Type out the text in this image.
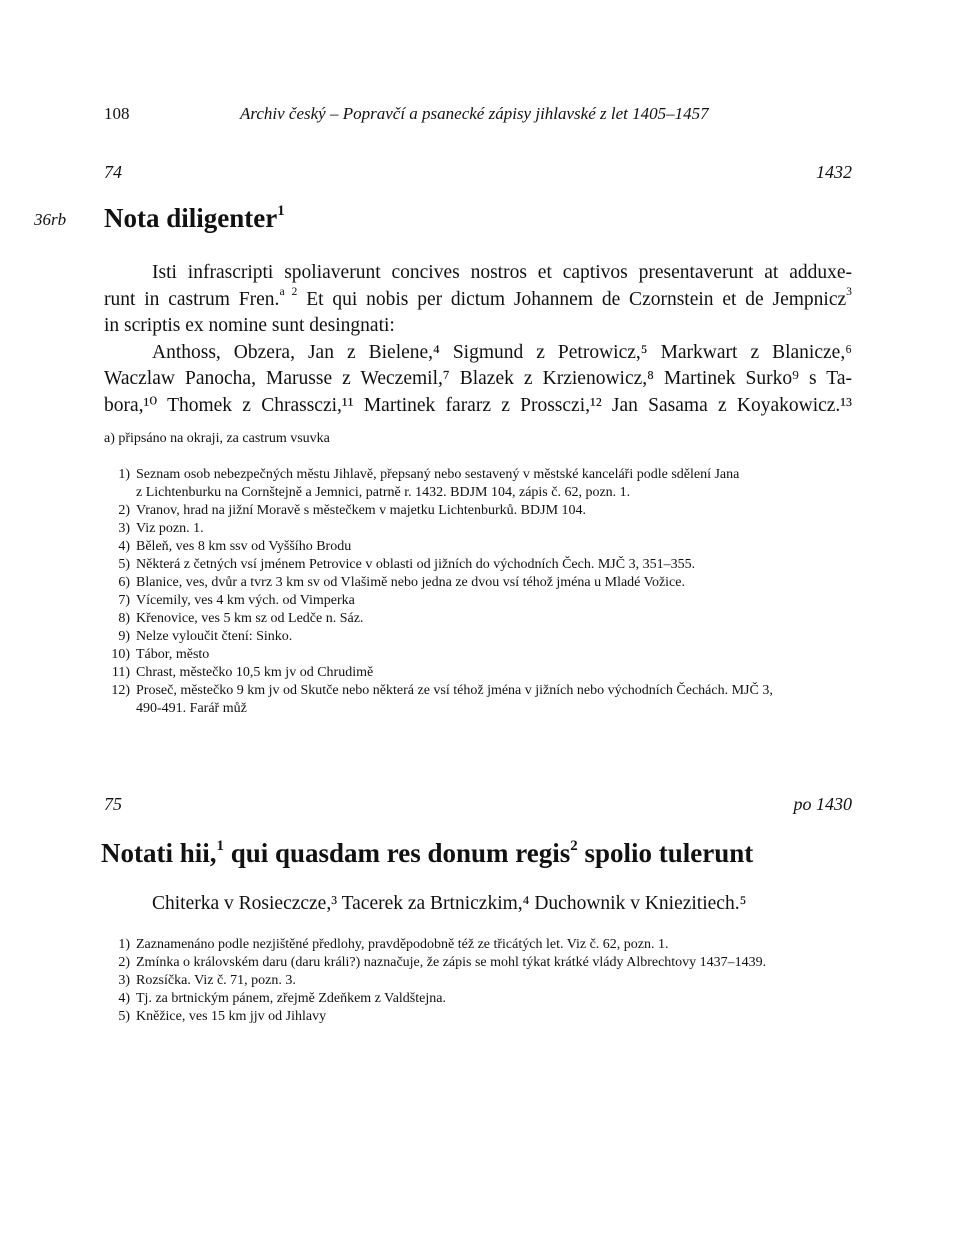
108	Archiv český – Popravčí a psanecké zápisy jihlavské z let 1405–1457
74	1432
36rb Nota diligenter$^1$
Isti infrascripti spoliaverunt concives nostros et captivos presentaverunt at adduxe-
runt in castrum Fren.$^{a 2}$ Et qui nobis per dictum Johannem de Czornstein et de Jempnicz$^3$
in scriptis ex nomine sunt desingnati:
Anthoss, Obzera, Jan z Bielene,⁴ Sigmund z Petrowicz,⁵ Markwart z Blanicze,⁶
Waczlaw Panocha, Marusse z Weczemil,⁷ Blazek z Krzienowicz,⁸ Martinek Surko⁹ s Ta-
bora,¹⁰ Thomek z Chrassczi,¹¹ Martinek fararz z Prossczi,¹² Jan Sasama z Koyakowicz.¹³
a) připsáno na okraji, za castrum vsuvka
1) Seznam osob nebezpečných městu Jihlavě, přepsaný nebo sestavený v městské kanceláři podle sdělení Jana
z Lichtenburku na Cornštejně a Jemnici, patrně r. 1432. BDJM 104, zápis č. 62, pozn. 1.
2) Vranov, hrad na jižní Moravě s městečkem v majetku Lichtenburků. BDJM 104.
3) Viz pozn. 1.
4) Běleň, ves 8 km ssv od Vyššího Brodu
5) Některá z četných vsí jménem Petrovice v oblasti od jižních do východních Čech. MJČ 3, 351–355.
6) Blanice, ves, dvůr a tvrz 3 km sv od Vlašimě nebo jedna ze dvou vsí téhož jména u Mladé Vožice.
7) Vícemily, ves 4 km vých. od Vimperka
8) Křenovice, ves 5 km sz od Ledče n. Sáz.
9) Nelze vyloučit čtení: Sinko.
10) Tábor, město
11) Chrast, městečko 10,5 km jv od Chrudimě
12) Proseč, městečko 9 km jv od Skutče nebo některá ze vsí téhož jména v jižních nebo východních Čechách. MJČ 3,
490-491. Farář můž
75	po 1430
Notati hii,$^1$ qui quasdam res donum regis$^2$ spolio tulerunt
Chiterka v Rosieczcze,³ Tacerek za Brtniczkim,⁴ Duchownik v Kniezitiech.⁵
1) Zaznamenáno podle nezjištěné předlohy, pravděpodobně též ze třicátých let. Viz č. 62, pozn. 1.
2) Zmínka o královském daru (daru králi?) naznačuje, že zápis se mohl týkat krátké vlády Albrechtovy 1437–1439.
3) Rozsíčka. Viz č. 71, pozn. 3.
4) Tj. za brtnickým pánem, zřejmě Zdeňkem z Valdštejna.
5) Kněžice, ves 15 km jjv od Jihlavy
